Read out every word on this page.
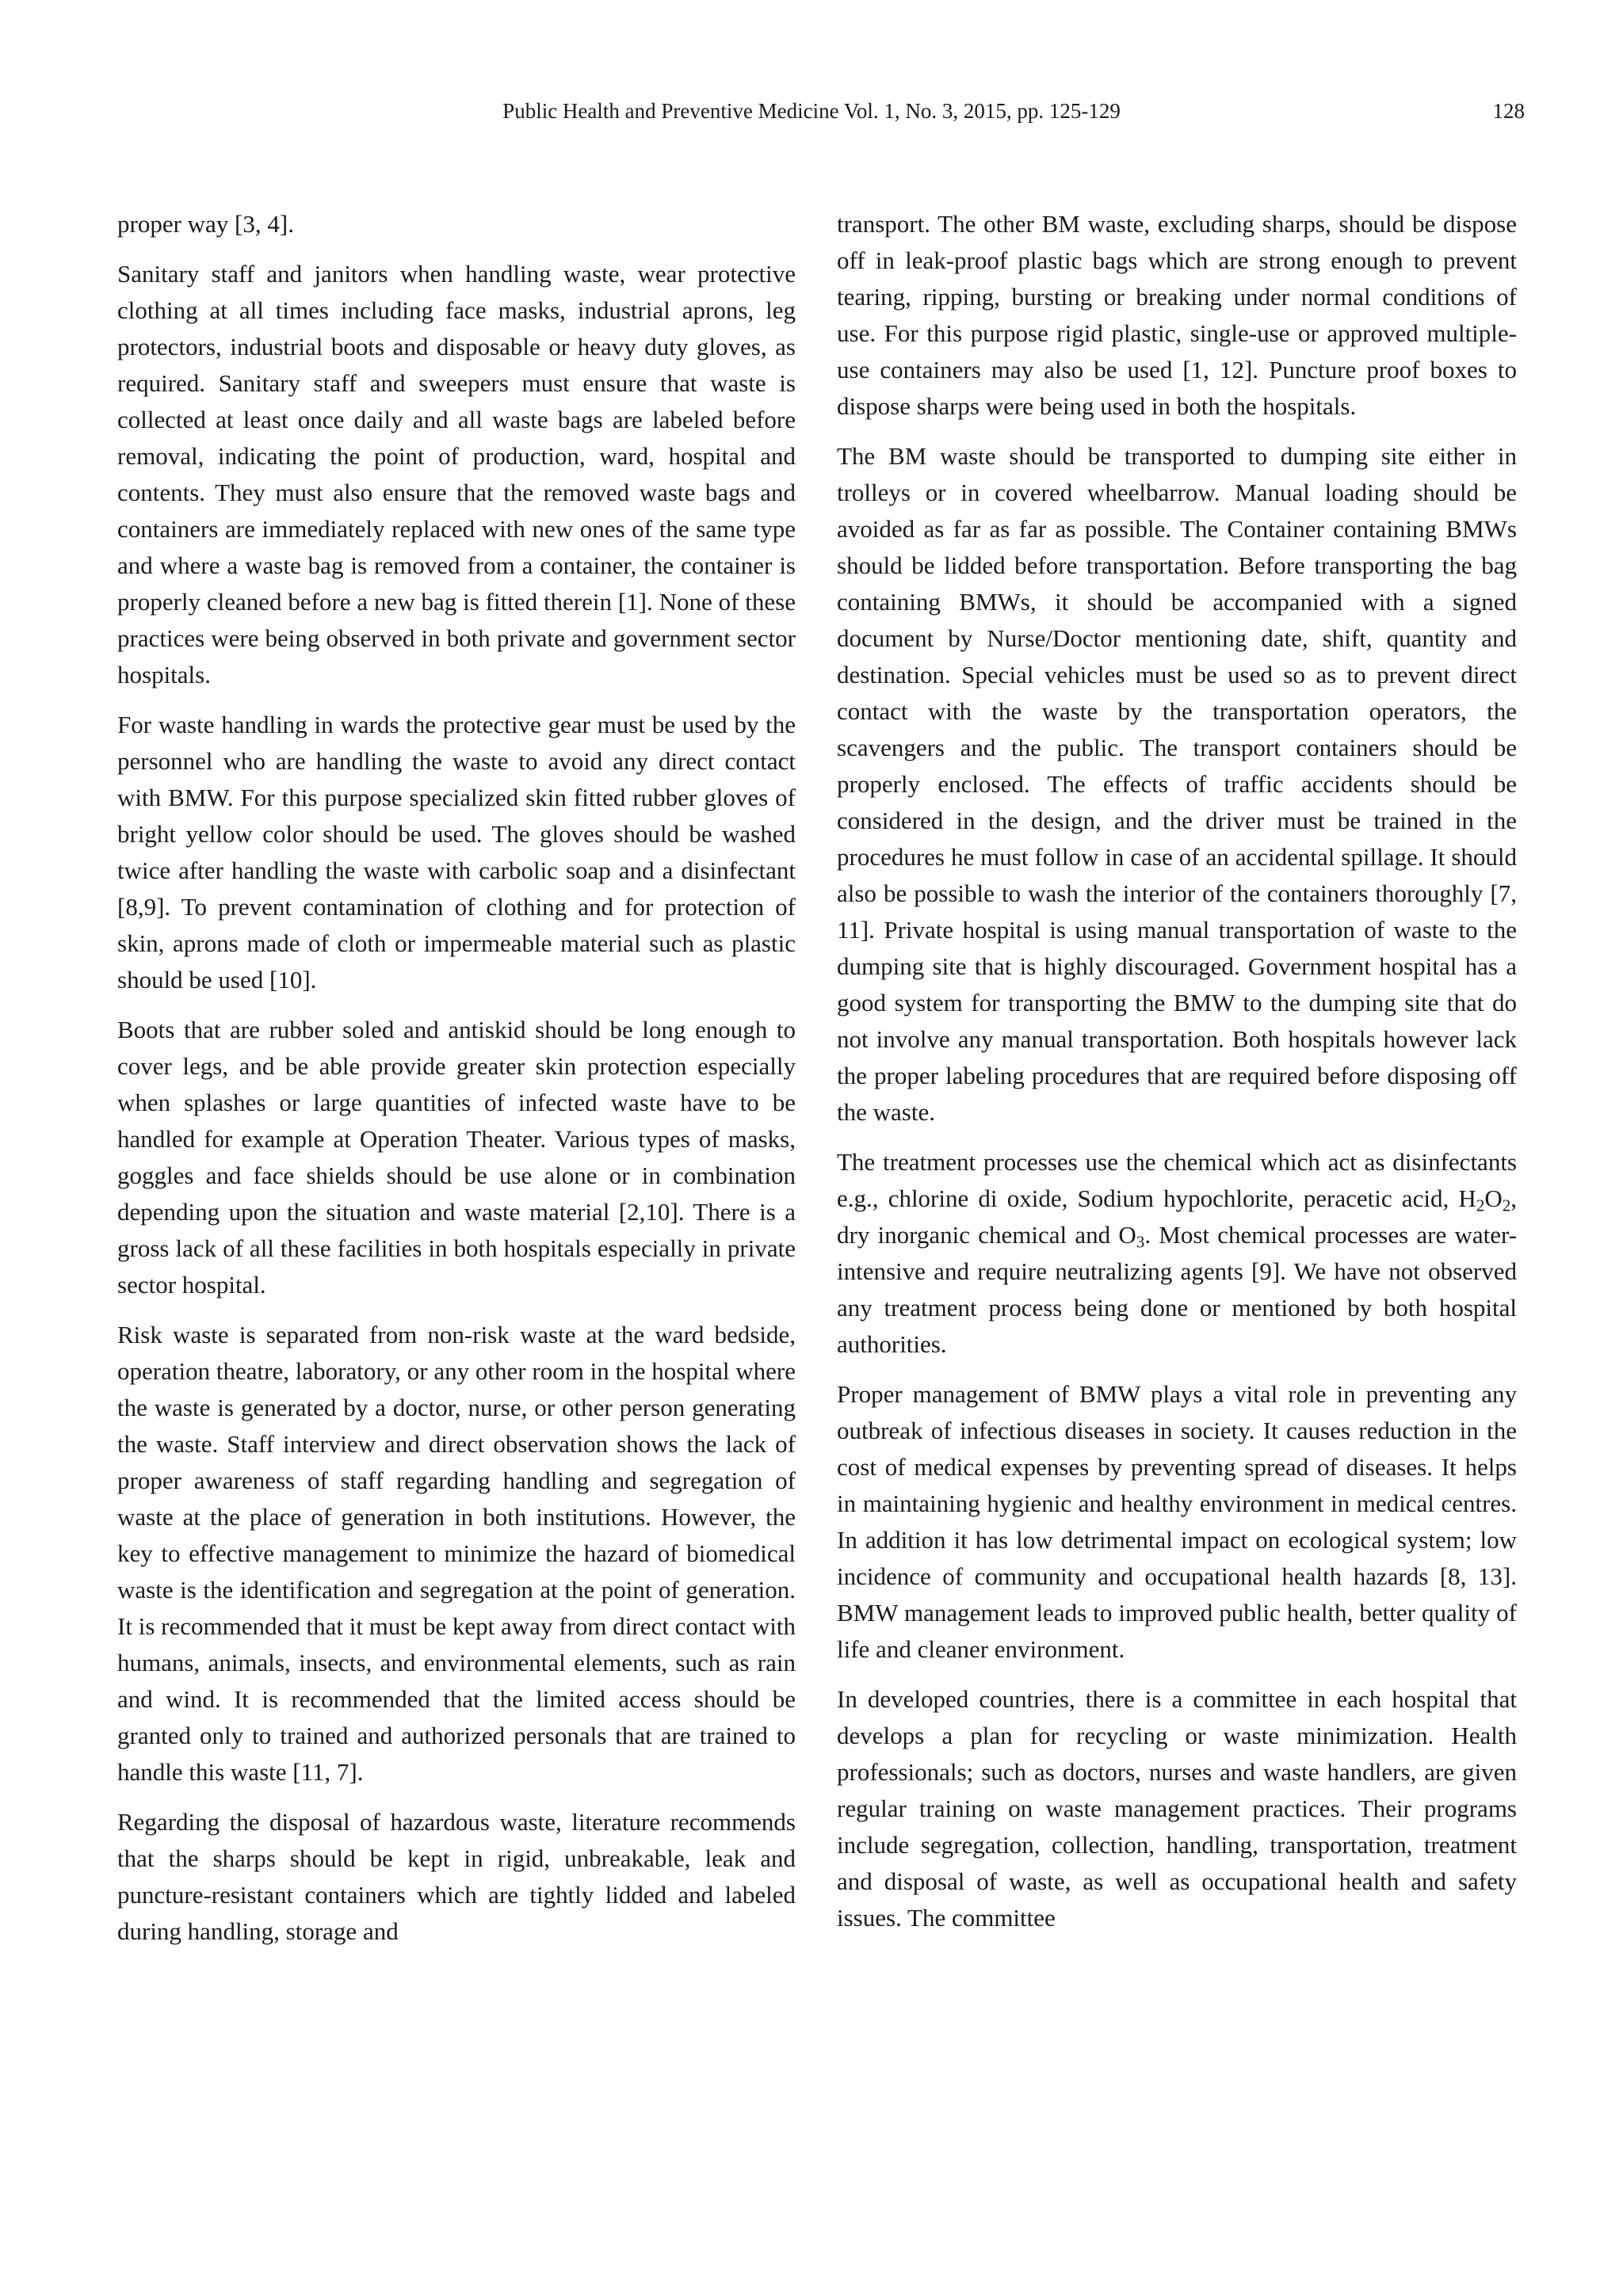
Public Health and Preventive Medicine Vol. 1, No. 3, 2015, pp. 125-129	128

proper way [3, 4].

Sanitary staff and janitors when handling waste, wear protective clothing at all times including face masks, industrial aprons, leg protectors, industrial boots and disposable or heavy duty gloves, as required. Sanitary staff and sweepers must ensure that waste is collected at least once daily and all waste bags are labeled before removal, indicating the point of production, ward, hospital and contents. They must also ensure that the removed waste bags and containers are immediately replaced with new ones of the same type and where a waste bag is removed from a container, the container is properly cleaned before a new bag is fitted therein [1]. None of these practices were being observed in both private and government sector hospitals.

For waste handling in wards the protective gear must be used by the personnel who are handling the waste to avoid any direct contact with BMW. For this purpose specialized skin fitted rubber gloves of bright yellow color should be used. The gloves should be washed twice after handling the waste with carbolic soap and a disinfectant [8,9]. To prevent contamination of clothing and for protection of skin, aprons made of cloth or impermeable material such as plastic should be used [10].

Boots that are rubber soled and antiskid should be long enough to cover legs, and be able provide greater skin protection especially when splashes or large quantities of infected waste have to be handled for example at Operation Theater. Various types of masks, goggles and face shields should be use alone or in combination depending upon the situation and waste material [2,10]. There is a gross lack of all these facilities in both hospitals especially in private sector hospital.

Risk waste is separated from non-risk waste at the ward bedside, operation theatre, laboratory, or any other room in the hospital where the waste is generated by a doctor, nurse, or other person generating the waste. Staff interview and direct observation shows the lack of proper awareness of staff regarding handling and segregation of waste at the place of generation in both institutions. However, the key to effective management to minimize the hazard of biomedical waste is the identification and segregation at the point of generation. It is recommended that it must be kept away from direct contact with humans, animals, insects, and environmental elements, such as rain and wind. It is recommended that the limited access should be granted only to trained and authorized personals that are trained to handle this waste [11, 7].

Regarding the disposal of hazardous waste, literature recommends that the sharps should be kept in rigid, unbreakable, leak and puncture-resistant containers which are tightly lidded and labeled during handling, storage and

transport. The other BM waste, excluding sharps, should be dispose off in leak-proof plastic bags which are strong enough to prevent tearing, ripping, bursting or breaking under normal conditions of use. For this purpose rigid plastic, single-use or approved multiple-use containers may also be used [1, 12]. Puncture proof boxes to dispose sharps were being used in both the hospitals.

The BM waste should be transported to dumping site either in trolleys or in covered wheelbarrow. Manual loading should be avoided as far as far as possible. The Container containing BMWs should be lidded before transportation. Before transporting the bag containing BMWs, it should be accompanied with a signed document by Nurse/Doctor mentioning date, shift, quantity and destination. Special vehicles must be used so as to prevent direct contact with the waste by the transportation operators, the scavengers and the public. The transport containers should be properly enclosed. The effects of traffic accidents should be considered in the design, and the driver must be trained in the procedures he must follow in case of an accidental spillage. It should also be possible to wash the interior of the containers thoroughly [7, 11]. Private hospital is using manual transportation of waste to the dumping site that is highly discouraged. Government hospital has a good system for transporting the BMW to the dumping site that do not involve any manual transportation. Both hospitals however lack the proper labeling procedures that are required before disposing off the waste.

The treatment processes use the chemical which act as disinfectants e.g., chlorine di oxide, Sodium hypochlorite, peracetic acid, $H_2O_2$, dry inorganic chemical and $O_3$. Most chemical processes are water-intensive and require neutralizing agents [9]. We have not observed any treatment process being done or mentioned by both hospital authorities.

Proper management of BMW plays a vital role in preventing any outbreak of infectious diseases in society. It causes reduction in the cost of medical expenses by preventing spread of diseases. It helps in maintaining hygienic and healthy environment in medical centres. In addition it has low detrimental impact on ecological system; low incidence of community and occupational health hazards [8, 13]. BMW management leads to improved public health, better quality of life and cleaner environment.

In developed countries, there is a committee in each hospital that develops a plan for recycling or waste minimization. Health professionals; such as doctors, nurses and waste handlers, are given regular training on waste management practices. Their programs include segregation, collection, handling, transportation, treatment and disposal of waste, as well as occupational health and safety issues. The committee
